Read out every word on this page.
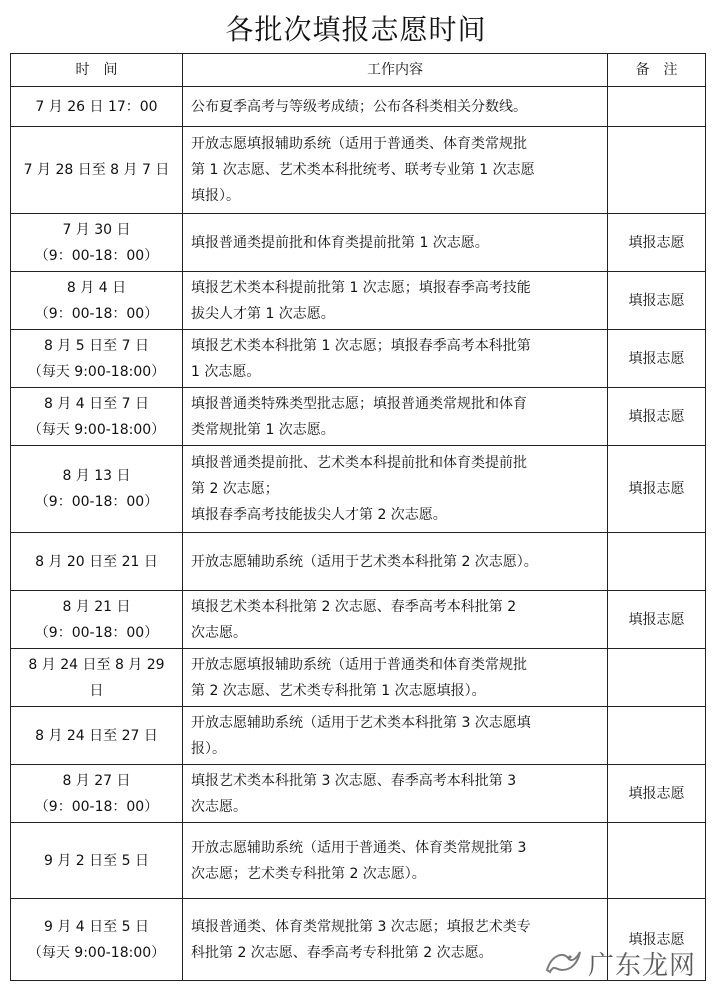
各批次填报志愿时间
时　间	工作内容	备　注

7 月 26 日 17：00	公布夏季高考与等级考成绩；公布各科类相关分数线。	

7 月 28 日至 8 月 7 日	开放志愿填报辅助系统（适用于普通类、体育类常规批
第 1 次志愿、艺术类本科批统考、联考专业第 1 次志愿
填报）。	

7 月 30 日
（9：00-18：00）	填报普通类提前批和体育类提前批第 1 次志愿。	填报志愿

8 月 4 日
（9：00-18：00）	填报艺术类本科提前批第 1 次志愿；填报春季高考技能
拔尖人才第 1 次志愿。	填报志愿

8 月 5 日至 7 日
（每天 9:00-18:00）	填报艺术类本科批第 1 次志愿；填报春季高考本科批第
1 次志愿。	填报志愿

8 月 4 日至 7 日
（每天 9:00-18:00）	填报普通类特殊类型批志愿；填报普通类常规批和体育
类常规批第 1 次志愿。	填报志愿

8 月 13 日
（9：00-18：00）	填报普通类提前批、艺术类本科提前批和体育类提前批
第 2 次志愿；
填报春季高考技能拔尖人才第 2 次志愿。	填报志愿

8 月 20 日至 21 日	开放志愿辅助系统（适用于艺术类本科批第 2 次志愿）。	

8 月 21 日
（9：00-18：00）	填报艺术类本科批第 2 次志愿、春季高考本科批第 2
次志愿。	填报志愿

8 月 24 日至 8 月 29
日	开放志愿填报辅助系统（适用于普通类和体育类常规批
第 2 次志愿、艺术类专科批第 1 次志愿填报）。	

8 月 24 日至 27 日	开放志愿辅助系统（适用于艺术类本科批第 3 次志愿填
报）。	

8 月 27 日
（9：00-18：00）	填报艺术类本科批第 3 次志愿、春季高考本科批第 3
次志愿。	填报志愿

9 月 2 日至 5 日	开放志愿辅助系统（适用于普通类、体育类常规批第 3
次志愿；艺术类专科批第 2 次志愿）。	

9 月 4 日至 5 日
（每天 9:00-18:00）	填报普通类、体育类常规批第 3 次志愿；填报艺术类专
科批第 2 次志愿、春季高考专科批第 2 次志愿。	填报志愿
广东龙网
